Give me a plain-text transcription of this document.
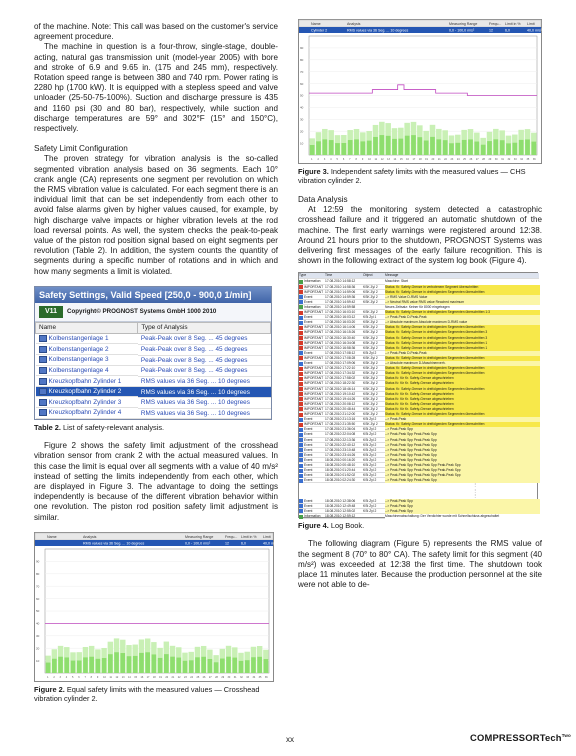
of the machine. Note: This call was based on the customer's service agreement procedure.

The machine in question is a four-throw, single-stage, double-acting, natural gas transmission unit (model-year 2005) with bore and stroke of 6.9 and 9.65 in. (175 and 245 mm), respectively. Rotation speed range is between 380 and 740 rpm. Power rating is 2280 hp (1700 kW). It is equipped with a stepless speed and valve unloader (25-50-75-100%). Suction and discharge pressure is 435 and 1160 psi (30 and 80 bar), respectively, while suction and discharge temperatures are 59° and 302°F (15° and 150°C), respectively.

Safety Limit Configuration

The proven strategy for vibration analysis is the so-called segmented vibration analysis based on 36 segments. Each 10° crank angle (CA) represents one segment per revolution on which the RMS vibration value is calculated. For each segment there is an individual limit that can be set independently from each other to avoid false alarms given by higher values caused, for example, by high discharge valve impacts or higher vibration levels at the rod load reversal points. As well, the system checks the peak-to-peak value of the piston rod position signal based on eight segments per revolution (Table 2). In addition, the system counts the quantity of segments during a specific number of rotations and in which and how many segments a limit is violated.

Safety Settings, Valid Speed [250,0 - 900,0 1/min]
V11	Copyright© PROGNOST Systems GmbH 1000 2010
Name	Type of Analysis

Kolbenstangenlage 1	Peak-Peak over 8 Seg. ... 45 degrees

Kolbenstangenlage 2	Peak-Peak over 8 Seg. ... 45 degrees

Kolbenstangenlage 3	Peak-Peak over 8 Seg. ... 45 degrees

Kolbenstangenlage 4	Peak-Peak over 8 Seg. ... 45 degrees

Kreuzkopfbahn Zylinder 1	RMS values via 36 Seg. ... 10 degrees

Kreuzkopfbahn Zylinder 2	RMS values via 36 Seg. ... 10 degrees

Kreuzkopfbahn Zylinder 3	RMS values via 36 Seg. ... 10 degrees

Kreuzkopfbahn Zylinder 4	RMS values via 36 Seg. ... 10 degrees
Table 2. List of safety-relevant analysis.

Figure 2 shows the safety limit adjustment of the crosshead vibration sensor from crank 2 with the actual measured values. In this case the limit is equal over all segments with a value of 40 m/s² instead of setting the limits independently from each other, which are displayed in Figure 3. The advantage to doing the settings independently is because of the different vibration behavior within one revolution. The piston rod position safety limit adjustment is similar.

Name	Analysis	Measuring Range	Frequ... Limit in % Limit
RMS values via 36 Seg. ... 10 degrees	0,0 - 100,0 m/s²	12	6,0	40,0 m/s²
90
80
70
60
50
40
30
20
10
1 2 3 4 5 6 7 8 9 10 11 12 13 14 15 16 17 18 19 20 21 22 23 24 25 26 27 28 29 30 31 32 33 34 35 36
Figure 2. Equal safety limits with the measured values — Crosshead vibration cylinder 2.
Name	Analysis	Measuring Range	Frequ... Limit in % Limit
Cylinder 2	RMS values via 36 Seg. ... 10 degrees	0,0 - 100,0 m/s²	12	6,0	40,0 m/s²
90
80
70
60
50
40
30
20
10
1 2 3 4 5 6 7 8 9 10 11 12 13 14 15 16 17 18 19 20 21 22 23 24 25 26 27 28 29 30 31 32 33 34 35 36
Figure 3. Independent safety limits with the measured values — CHS vibration cylinder 2.
Data Analysis

At 12:59 the monitoring system detected a catastrophic crosshead failure and it triggered an automatic shutdown of the machine. The first early warnings were registered around 12:38. Around 21 hours prior to the shutdown, PROGNOST Systems was delivering first messages of the early failure recognition. This is shown in the following extract of the system log book (Figure 4).

Type	Time	Object	Message
Information 17.08.2010 14:58:12	Maschine: Start
IMPORTANT 17.08.2010 14:58:36 KSK Zyl 2 Status: Kr. Safety-Grenze in verbotenem Segment überschritten
IMPORTANT 17.08.2010 14:59:06 KSK Zyl 2 Status: Kr. Safety-Grenze in dreifolgenden Segmenten überschritten
Event	17.08.2010 14:59:36 KSK Zyl 2 --> RMS Value D-RMS Value
Event	17.08.2010 14:59:42 KSK Zyl 2 --> Neutral RMS value RMS value Reached maximum
Information 17.08.2010 14:59:58	Neues Zeitsatz: Keiner für 8000 eingetragen
IMPORTANT 17.08.2010 16:03:10 KSK Zyl 2 Status: Kr. Safety-Grenze in dreifolgenden Segmenten überschritten 1:3
Event	17.08.2010 16:03:12 KSt Zyl 1	--> Peak-Peak D-Peak-Peak
Event	17.08.2010 16:03:20 KSK Zyl 2 --> Absolute maximum Absolute maximum D-RMS value
IMPORTANT 17.08.2010 16:14:06 KSK Zyl 2 Status: Kr. Safety-Grenze in dreifolgenden Segmenten überschritten
IMPORTANT 17.08.2010 16:15:26 KSK Zyl 2 Status: Kr. Safety-Grenze in dreifolgenden Segmenten überschritten 3
IMPORTANT 17.08.2010 16:30:40 KSK Zyl 2 Status: Kr. Safety-Grenze in dreifolgenden Segmenten überschritten 3
IMPORTANT 17.08.2010 16:34:08 KSK Zyl 2 Status: Kr. Safety-Grenze in dreifolgenden Segmenten überschritten 1
IMPORTANT 17.08.2010 16:58:36 KSK Zyl 2 Status: Kr. Safety-Grenze in dreifolgenden Segmenten überschritten 1
Event	17.08.2010 17:08:12 KSt Zyl 2	--> Peak-Peak D-Peak-Peak
IMPORTANT 17.08.2010 17:08:28 KSK Zyl 2 Status: Kr. Safety-Grenze in dreifolgenden Segmenten überschritten
Event	17.08.2010 17:09:06 KSK Zyl 2 --> Absolute maximum D-Maschinenverh.
IMPORTANT 17.08.2010 17:22:10 KSK Zyl 2 Status: Kr. Safety-Grenze in dreifolgenden Segmenten überschritten
IMPORTANT 17.08.2010 17:34:32 KSK Zyl 2 Status: Kr. Safety-Grenze in dreifolgenden Segmenten überschritten
IMPORTANT 17.08.2010 17:58:02 KSK Zyl 2 Status Kr. für Kr. Safety-Grenze abgeschrieben
IMPORTANT 17.08.2010 18:22:30 KSK Zyl 2 Status Kr. für Kr. Safety-Grenze abgeschrieben
IMPORTANT 17.08.2010 18:46:14 KSK Zyl 2 Status: Kr. Safety-Grenze in dreifolgenden Segmenten überschritten
IMPORTANT 17.08.2010 19:10:42 KSK Zyl 2 Status Kr. für Kr. Safety-Grenze abgeschrieben
IMPORTANT 17.08.2010 19:44:26 KSK Zyl 2 Status Kr. für Kr. Safety-Grenze abgeschrieben
IMPORTANT 17.08.2010 20:08:12 KSK Zyl 2 Status Kr. für Kr. Safety-Grenze abgeschrieben
IMPORTANT 17.08.2010 20:48:44 KSK Zyl 2 Status Kr. für Kr. Safety-Grenze abgeschrieben
IMPORTANT 17.08.2010 21:12:00 KSK Zyl 2 Status: Kr. Safety-Grenze in dreifolgenden Segmenten überschritten
Event	17.08.2010 21:13:16 KSt Zyl 2	--> Peak-Peak
IMPORTANT 17.08.2010 21:35:50 KSK Zyl 2 Status: Kr. Safety-Grenze in dreifolgenden Segmenten überschritten
Event	17.08.2010 21:36:04 KSt Zyl 2	--> Peak-Peak Spp
Event	17.08.2010 22:04:08 KSt Zyl 2	--> Peak-Peak Spp Peak-Peak Spp
Event	17.08.2010 22:13:36 KSt Zyl 2	--> Peak-Peak Spp Peak-Peak Spp
Event	17.08.2010 22:40:12 KSt Zyl 2	--> Peak-Peak Spp Peak-Peak Spp
Event	17.08.2010 23:10:48 KSt Zyl 2	--> Peak-Peak Spp Peak-Peak Spp
Event	17.08.2010 23:44:26 KSt Zyl 2	--> Peak-Peak Spp Peak-Peak Spp
Event	18.08.2010 00:16:20 KSt Zyl 2	--> Peak-Peak Spp Peak-Peak Spp
Event	18.08.2010 00:48:10 KSt Zyl 2	--> Peak-Peak Spp Peak-Peak Spp Peak-Peak Spp
Event	18.08.2010 01:20:44 KSt Zyl 2	--> Peak-Peak Spp Peak-Peak Spp Peak-Peak Spp
Event	18.08.2010 01:52:02 KSt Zyl 2	--> Peak-Peak Spp Peak-Peak Spp Peak-Peak Spp
Event	18.08.2010 02:24:30 KSt Zyl 2	--> Peak-Peak Spp Peak-Peak Spp
⋮
⋮
⋮
Event	18.08.2010 12:38:06 KSt Zyl 2	--> Peak-Peak Spp
Event	18.08.2010 12:49:48 KSt Zyl 2	--> Peak-Peak Spp
Event	18.08.2010 12:55:02 KSt Zyl 2	--> Peak-Peak Spp
Information 18.08.2010 12:59:12	Maschinenabschaltung: Der Verdichter wurde mit Schnellschluss abgeschaltet
Figure 4. Log Book.

The following diagram (Figure 5) represents the RMS value of the segment 8 (70° to 80° CA). The safety limit for this segment (40 m/s²) was exceeded at 12:38 the first time. The shutdown took place 11 minutes later. Because the production personnel at the site were not able to de-

xx	COMPRESSORTech$^{Two}$
